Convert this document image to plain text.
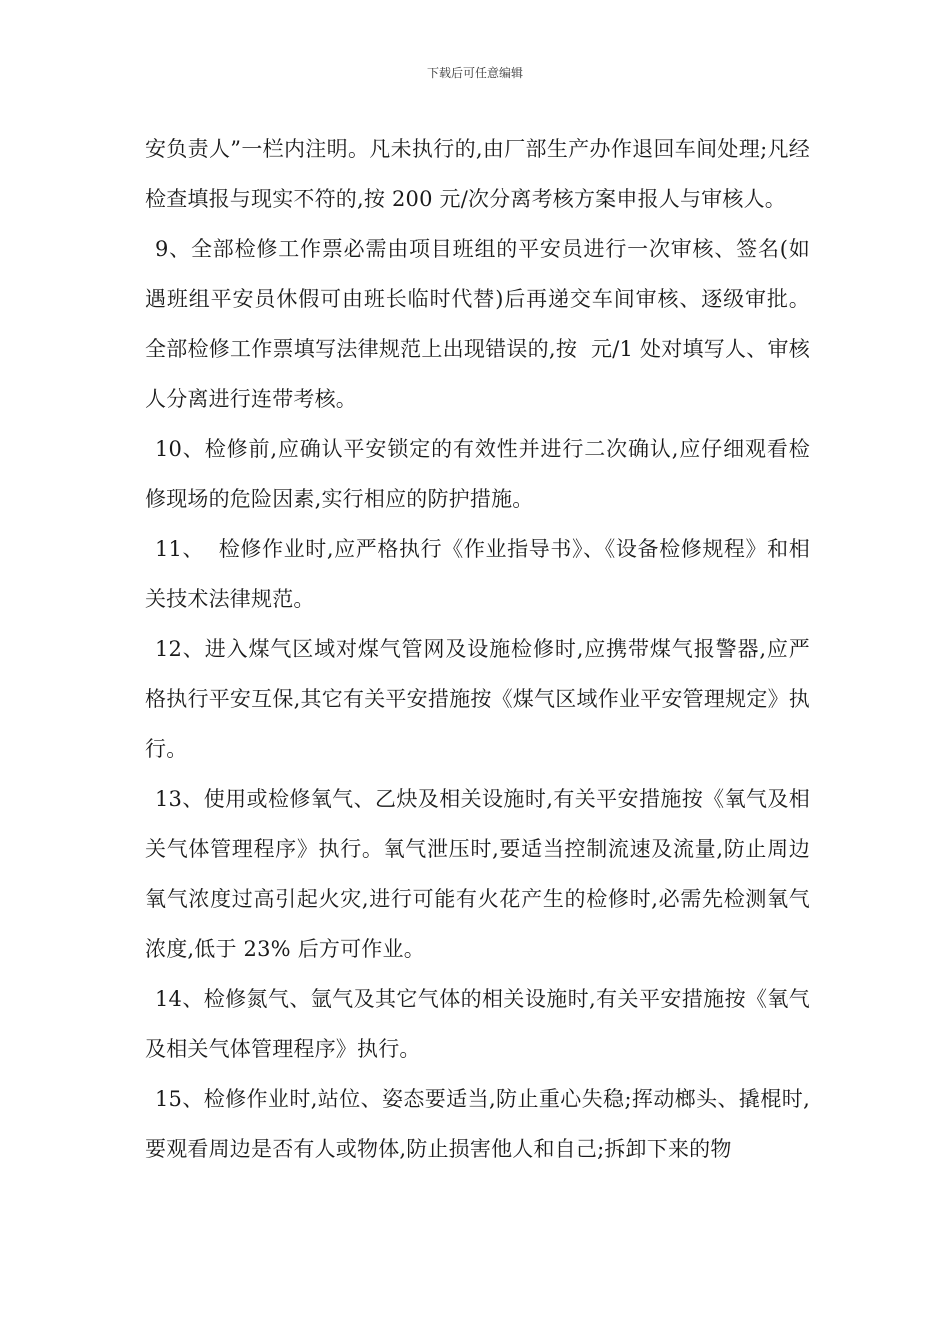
下载后可任意编辑

安负责人”一栏内注明。凡未执行的,由厂部生产办作退回车间处理;凡经检查填报与现实不符的,按 200 元/次分离考核方案申报人与审核人。

9、全部检修工作票必需由项目班组的平安员进行一次审核、签名(如遇班组平安员休假可由班长临时代替)后再递交车间审核、逐级审批。全部检修工作票填写法律规范上出现错误的,按  元/1 处对填写人、审核人分离进行连带考核。

10、检修前,应确认平安锁定的有效性并进行二次确认,应仔细观看检修现场的危险因素,实行相应的防护措施。

11、  检修作业时,应严格执行《作业指导书》、《设备检修规程》和相关技术法律规范。

12、进入煤气区域对煤气管网及设施检修时,应携带煤气报警器,应严格执行平安互保,其它有关平安措施按《煤气区域作业平安管理规定》执行。

13、使用或检修氧气、乙炔及相关设施时,有关平安措施按《氧气及相关气体管理程序》执行。氧气泄压时,要适当控制流速及流量,防止周边氧气浓度过高引起火灾,进行可能有火花产生的检修时,必需先检测氧气浓度,低于 23% 后方可作业。

14、检修氮气、氩气及其它气体的相关设施时,有关平安措施按《氧气及相关气体管理程序》执行。

15、检修作业时,站位、姿态要适当,防止重心失稳;挥动榔头、撬棍时,要观看周边是否有人或物体,防止损害他人和自己;拆卸下来的物
